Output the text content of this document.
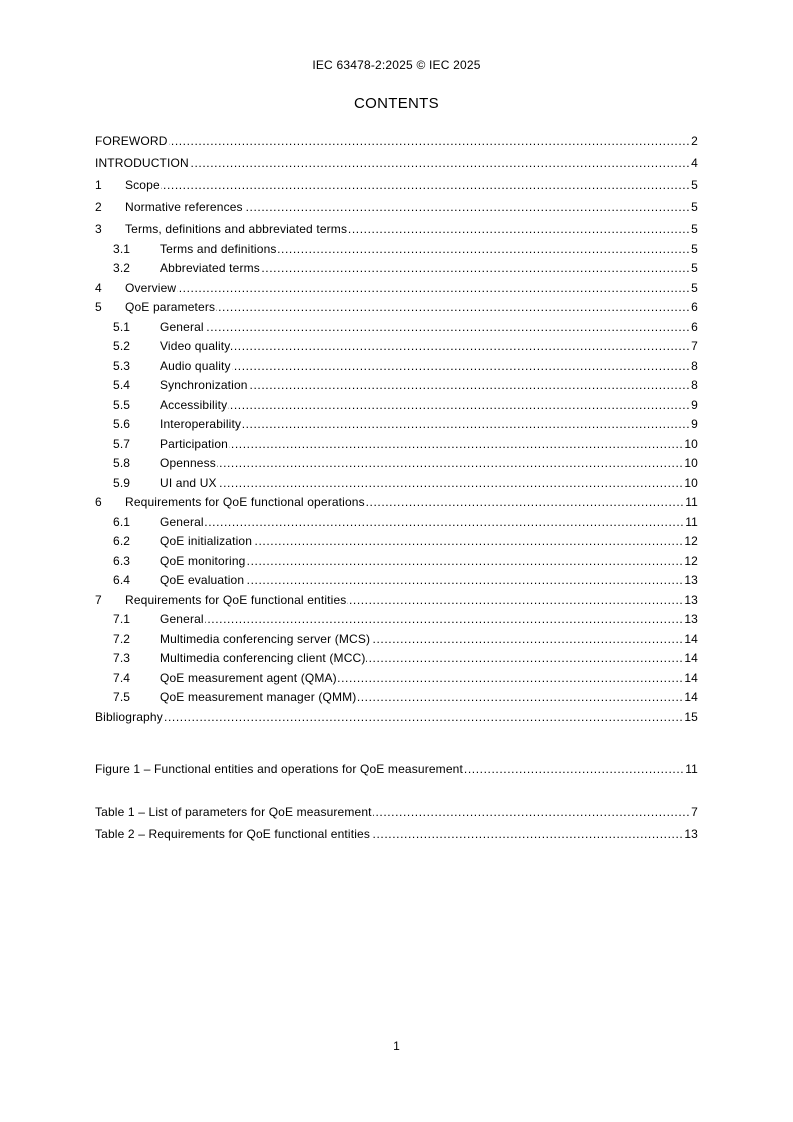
IEC 63478-2:2025 © IEC 2025
CONTENTS
FOREWORD .....	2
INTRODUCTION .....	4
1	Scope .....	5
2	Normative references .....	5
3	Terms, definitions and abbreviated terms .....	5
3.1	Terms and definitions .....	5
3.2	Abbreviated terms .....	5
4	Overview .....	5
5	QoE parameters .....	6
5.1	General .....	6
5.2	Video quality .....	7
5.3	Audio quality .....	8
5.4	Synchronization .....	8
5.5	Accessibility .....	9
5.6	Interoperability .....	9
5.7	Participation .....	10
5.8	Openness .....	10
5.9	UI and UX .....	10
6	Requirements for QoE functional operations .....	11
6.1	General .....	11
6.2	QoE initialization .....	12
6.3	QoE monitoring .....	12
6.4	QoE evaluation .....	13
7	Requirements for QoE functional entities .....	13
7.1	General .....	13
7.2	Multimedia conferencing server (MCS) .....	14
7.3	Multimedia conferencing client (MCC) .....	14
7.4	QoE measurement agent (QMA) .....	14
7.5	QoE measurement manager (QMM) .....	14
Bibliography .....	15
Figure 1 – Functional entities and operations for QoE measurement .....	11
Table 1 – List of parameters for QoE measurement .....	7
Table 2 – Requirements for QoE functional entities .....	13
1
